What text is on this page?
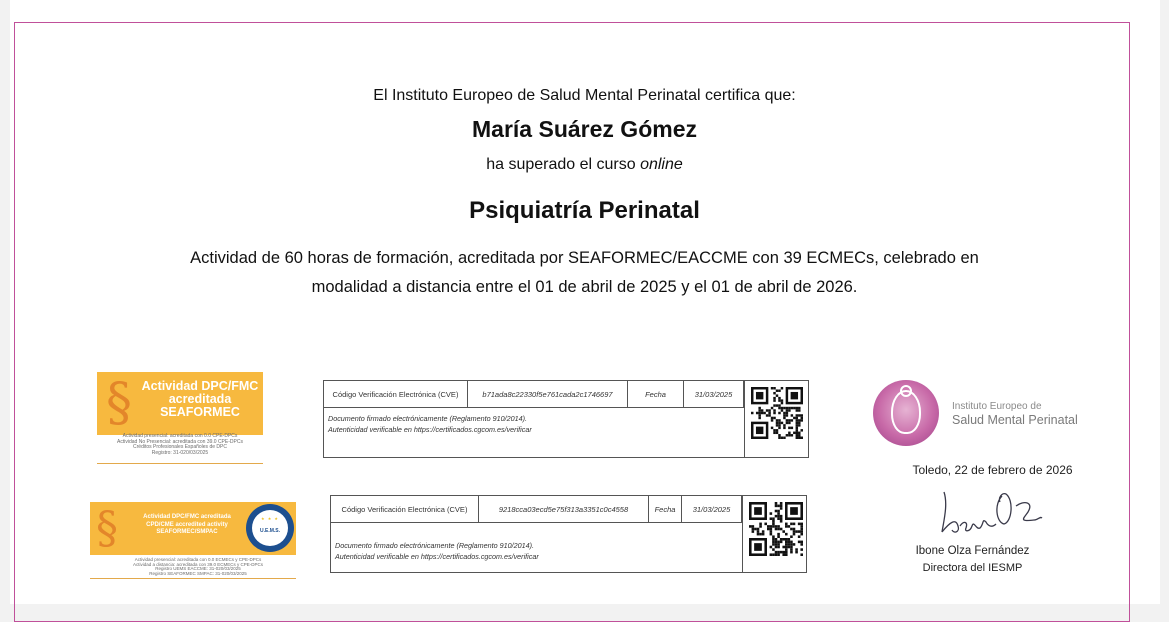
El Instituto Europeo de Salud Mental Perinatal certifica que:
María Suárez Gómez
ha superado el curso online
Psiquiatría Perinatal
Actividad de 60 horas de formación, acreditada por SEAFORMEC/EACCME con 39 ECMECs, celebrado en
modalidad a distancia entre el 01 de abril de 2025 y el 01 de abril de 2026.
§ Actividad DPC/FMC
acreditada
SEAFORMEC
Actividad presencial: acreditada con 0.0 CPE-DPCs
Actividad No Presencial: acreditada con 39.0 CPE-DPCs
Créditos Profesionales Españoles de DPC
Registro: 31-020/03/2025
§	Actividad DPC/FMC acreditada
CPD/CME accredited activity
SEAFORMEC/SMPAC
★ ★ ★
U.E.M.S.
Actividad presencial: acreditada con 0.0 ECMECs y CPE-DPCs
Actividad a distancia: acreditada con 39.0 ECMECs y CPE-DPCs
Registro UEMS EACCME: 31-020/03/2025
Registro SEAFORMEC SMPAC: 31-020/03/2025
Código Verificación Electrónica (CVE)	b71ada8c22330f5e761cada2c1746697	Fecha	31/03/2025
Documento firmado electrónicamente (Reglamento 910/2014).
Autenticidad verificable en https://certificados.cgcom.es/verificar
Código Verificación Electrónica (CVE)	9218cca03ecd5e75f313a3351c0c4558	Fecha	31/03/2025
Documento firmado electrónicamente (Reglamento 910/2014).
Autenticidad verificable en https://certificados.cgcom.es/verificar
Instituto Europeo de
Salud Mental Perinatal
Toledo, 22 de febrero de 2026
Ibone Olza Fernández
Directora del IESMP
